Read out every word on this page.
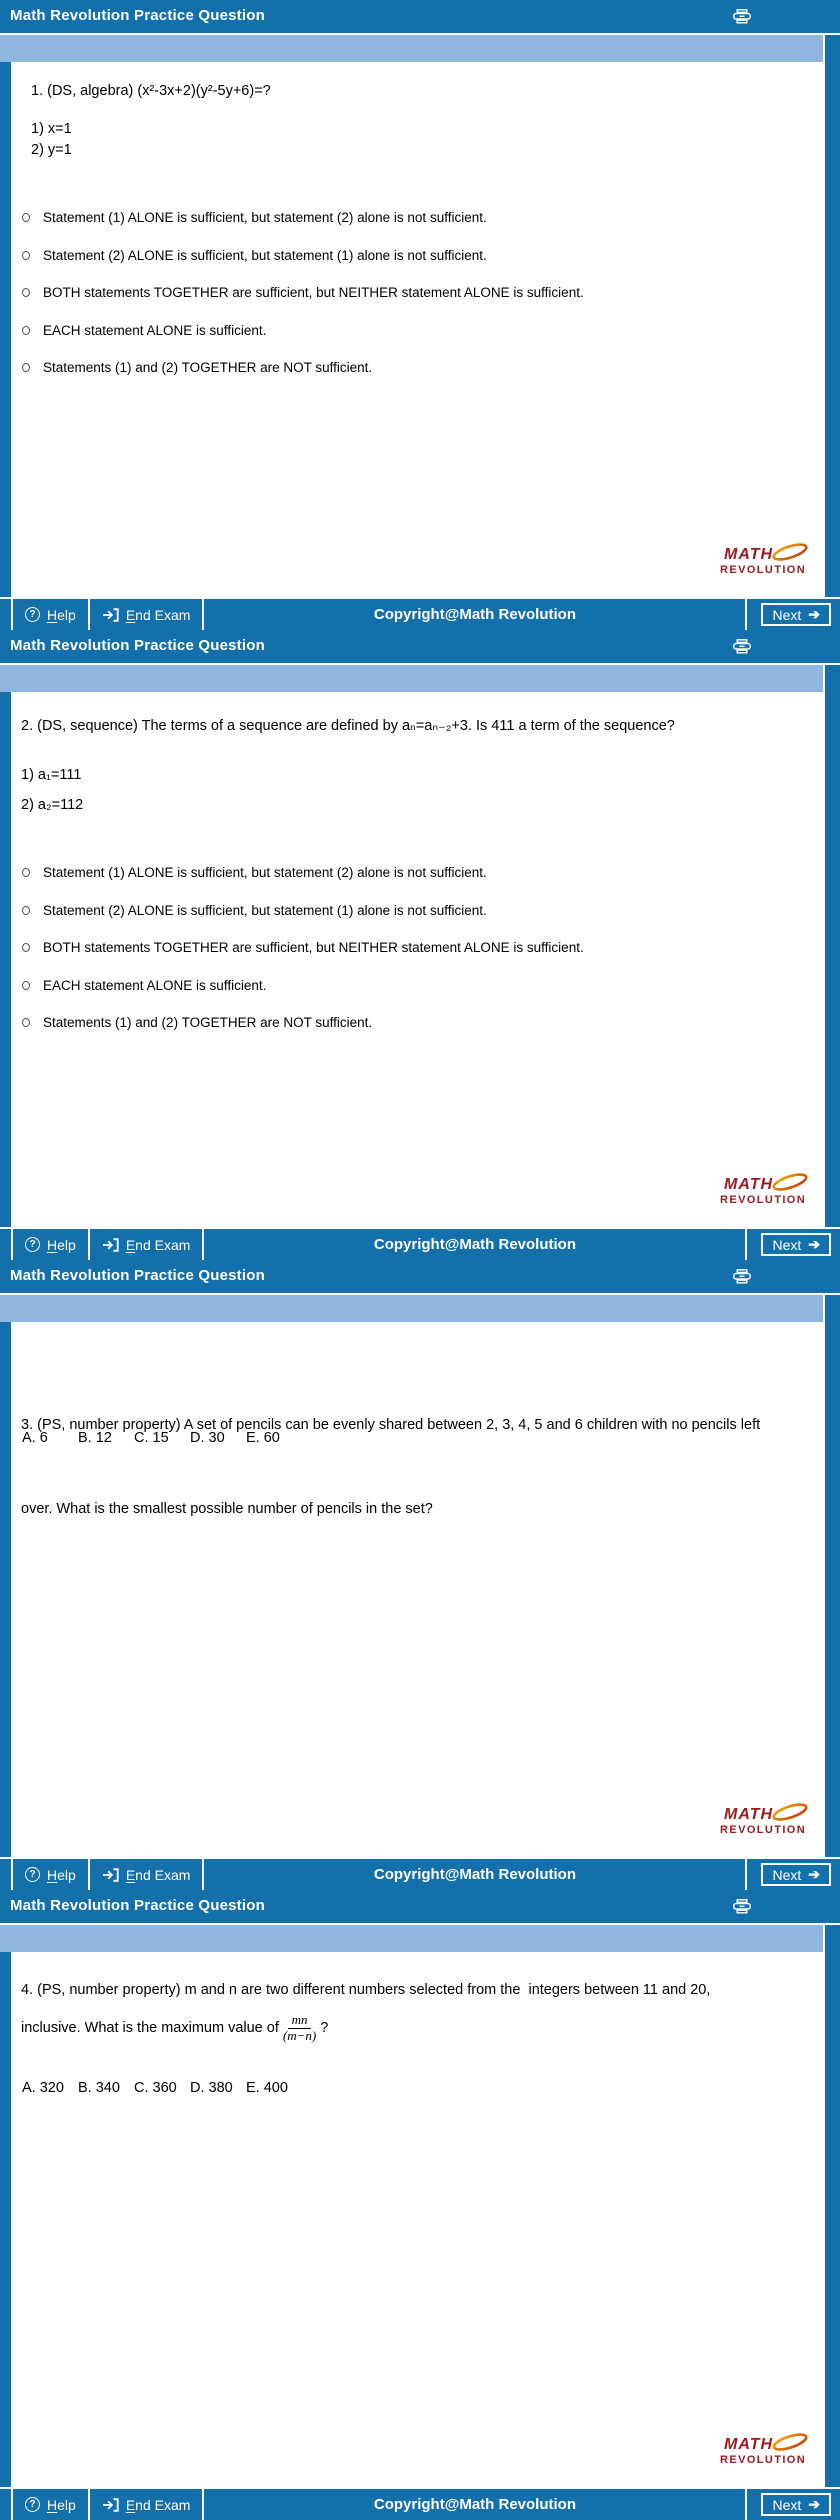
Math Revolution Practice Question
1. (DS, algebra) (x²-3x+2)(y²-5y+6)=?
1) x=1
2) y=1
Statement (1) ALONE is sufficient, but statement (2) alone is not sufficient.
Statement (2) ALONE is sufficient, but statement (1) alone is not sufficient.
BOTH statements TOGETHER are sufficient, but NEITHER statement ALONE is sufficient.
EACH statement ALONE is sufficient.
Statements (1) and (2) TOGETHER are NOT sufficient.
MATH
REVOLUTION
? Help	End Exam	Copyright@Math Revolution	Next ➔
Math Revolution Practice Question
2. (DS, sequence) The terms of a sequence are defined by aₙ=aₙ₋₂+3. Is 411 a term of the sequence?
1) a₁=111
2) a₂=112
Statement (1) ALONE is sufficient, but statement (2) alone is not sufficient.
Statement (2) ALONE is sufficient, but statement (1) alone is not sufficient.
BOTH statements TOGETHER are sufficient, but NEITHER statement ALONE is sufficient.
EACH statement ALONE is sufficient.
Statements (1) and (2) TOGETHER are NOT sufficient.
MATH
REVOLUTION
? Help	End Exam	Copyright@Math Revolution	Next ➔
Math Revolution Practice Question

3. (PS, number property) A set of pencils can be evenly shared between 2, 3, 4, 5 and 6 children with no pencils left

over. What is the smallest possible number of pencils in the set?

A. 6 B. 12 C. 15 D. 30 E. 60
MATH
REVOLUTION
? Help	End Exam	Copyright@Math Revolution	Next ➔
Math Revolution Practice Question
4. (PS, number property) m and n are two different numbers selected from the  integers between 11 and 20,
inclusive. What is the maximum value of $\frac{mn}{(m-n)}$ ?
A. 320 B. 340 C. 360 D. 380 E. 400
MATH
REVOLUTION
? Help	End Exam	Copyright@Math Revolution	Next ➔
